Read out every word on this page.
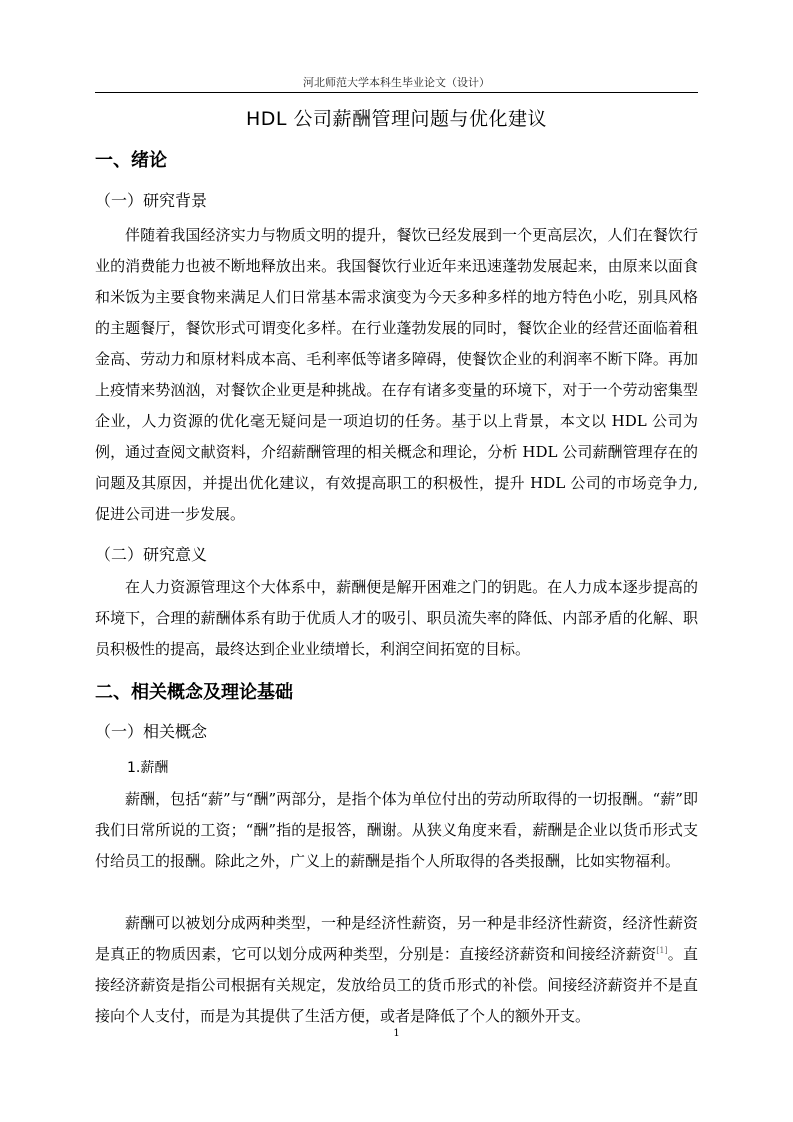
河北师范大学本科生毕业论文（设计）
HDL 公司薪酬管理问题与优化建议
一、绪论
（一）研究背景

伴随着我国经济实力与物质文明的提升，餐饮已经发展到一个更高层次，人们在餐饮行业的消费能力也被不断地释放出来。我国餐饮行业近年来迅速蓬勃发展起来，由原来以面食和米饭为主要食物来满足人们日常基本需求演变为今天多种多样的地方特色小吃，别具风格的主题餐厅，餐饮形式可谓变化多样。在行业蓬勃发展的同时，餐饮企业的经营还面临着租金高、劳动力和原材料成本高、毛利率低等诸多障碍，使餐饮企业的利润率不断下降。再加上疫情来势汹汹，对餐饮企业更是种挑战。在存有诸多变量的环境下，对于一个劳动密集型企业，人力资源的优化毫无疑问是一项迫切的任务。基于以上背景，本文以 HDL 公司为例，通过查阅文献资料，介绍薪酬管理的相关概念和理论，分析 HDL 公司薪酬管理存在的问题及其原因，并提出优化建议，有效提高职工的积极性，提升 HDL 公司的市场竞争力,促进公司进一步发展。

（二）研究意义

在人力资源管理这个大体系中，薪酬便是解开困难之门的钥匙。在人力成本逐步提高的环境下，合理的薪酬体系有助于优质人才的吸引、职员流失率的降低、内部矛盾的化解、职员积极性的提高，最终达到企业业绩增长，利润空间拓宽的目标。

二、相关概念及理论基础
（一）相关概念
1.薪酬

薪酬，包括“薪”与“酬”两部分，是指个体为单位付出的劳动所取得的一切报酬。“薪”即我们日常所说的工资；“酬”指的是报答，酬谢。从狭义角度来看，薪酬是企业以货币形式支付给员工的报酬。除此之外，广义上的薪酬是指个人所取得的各类报酬，比如实物福利。

薪酬可以被划分成两种类型，一种是经济性薪资，另一种是非经济性薪资，经济性薪资是真正的物质因素，它可以划分成两种类型，分别是：直接经济薪资和间接经济薪资[1]。直接经济薪资是指公司根据有关规定，发放给员工的货币形式的补偿。间接经济薪资并不是直接向个人支付，而是为其提供了生活方便，或者是降低了个人的额外开支。

1
